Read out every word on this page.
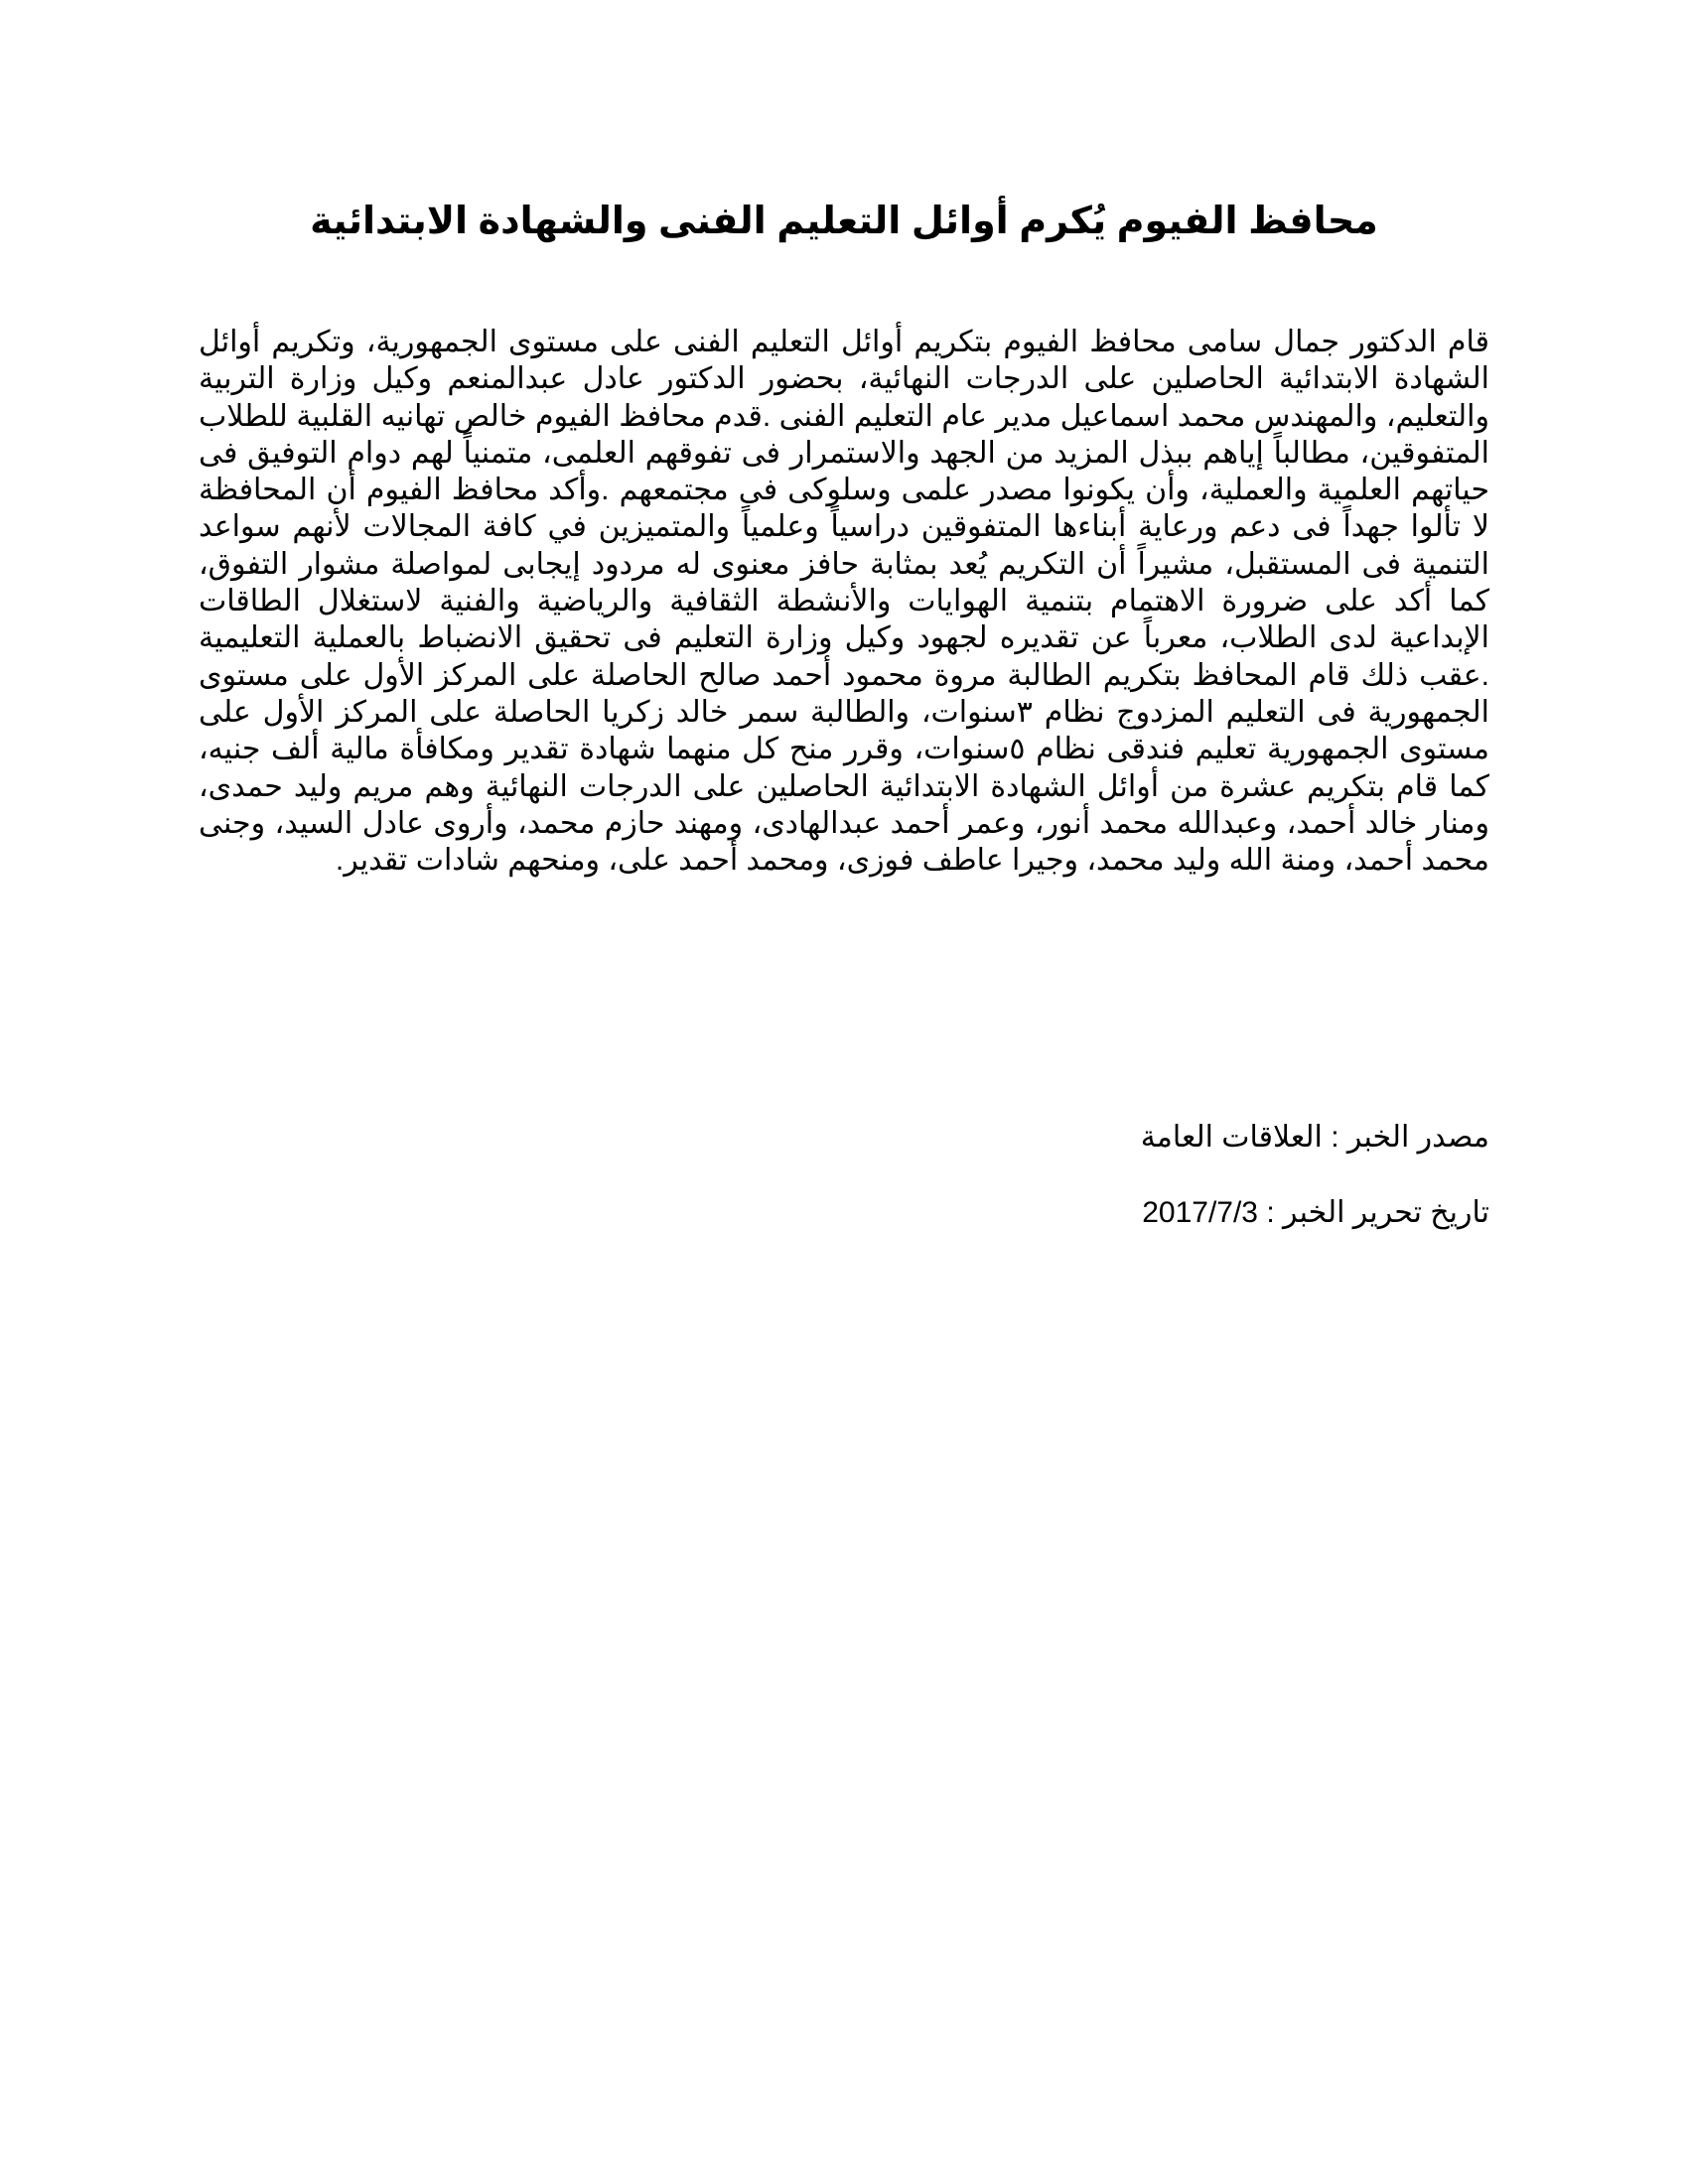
محافظ الفيوم يُكرم أوائل التعليم الفنى والشهادة الابتدائية

قام الدكتور جمال سامى محافظ الفيوم بتكريم أوائل التعليم الفنى على مستوى الجمهورية، وتكريم أوائل الشهادة الابتدائية الحاصلين على الدرجات النهائية، بحضور الدكتور عادل عبدالمنعم وكيل وزارة التربية والتعليم، والمهندس محمد اسماعيل مدير عام التعليم الفنى .قدم محافظ الفيوم خالص تهانيه القلبية للطلاب المتفوقين، مطالباً إياهم ببذل المزيد من الجهد والاستمرار فى تفوقهم العلمى، متمنياً لهم دوام التوفيق فى حياتهم العلمية والعملية، وأن يكونوا مصدر علمى وسلوكى فى مجتمعهم .وأكد محافظ الفيوم أن المحافظة لا تألوا جهداً فى دعم ورعاية أبناءها المتفوقين دراسياً وعلمياً والمتميزين في كافة المجالات لأنهم سواعد التنمية فى المستقبل، مشيراً أن التكريم يُعد بمثابة حافز معنوى له مردود إيجابى لمواصلة مشوار التفوق، كما أكد على ضرورة الاهتمام بتنمية الهوايات والأنشطة الثقافية والرياضية والفنية لاستغلال الطاقات الإبداعية لدى الطلاب، معرباً عن تقديره لجهود وكيل وزارة التعليم فى تحقيق الانضباط بالعملية التعليمية .عقب ذلك قام المحافظ بتكريم الطالبة مروة محمود أحمد صالح الحاصلة على المركز الأول على مستوى الجمهورية فى التعليم المزدوج نظام ٣سنوات، والطالبة سمر خالد زكريا الحاصلة على المركز الأول على مستوى الجمهورية تعليم فندقى نظام ٥سنوات، وقرر منح كل منهما شهادة تقدير ومكافأة مالية ألف جنيه، كما قام بتكريم عشرة من أوائل الشهادة الابتدائية الحاصلين على الدرجات النهائية وهم مريم وليد حمدى، ومنار خالد أحمد، وعبدالله محمد أنور، وعمر أحمد عبدالهادى، ومهند حازم محمد، وأروى عادل السيد، وجنى محمد أحمد، ومنة الله وليد محمد، وجيرا عاطف فوزى، ومحمد أحمد على، ومنحهم شادات تقدير.

مصدر الخبر : العلاقات العامة

تاريخ تحرير الخبر : 2017/7/3
